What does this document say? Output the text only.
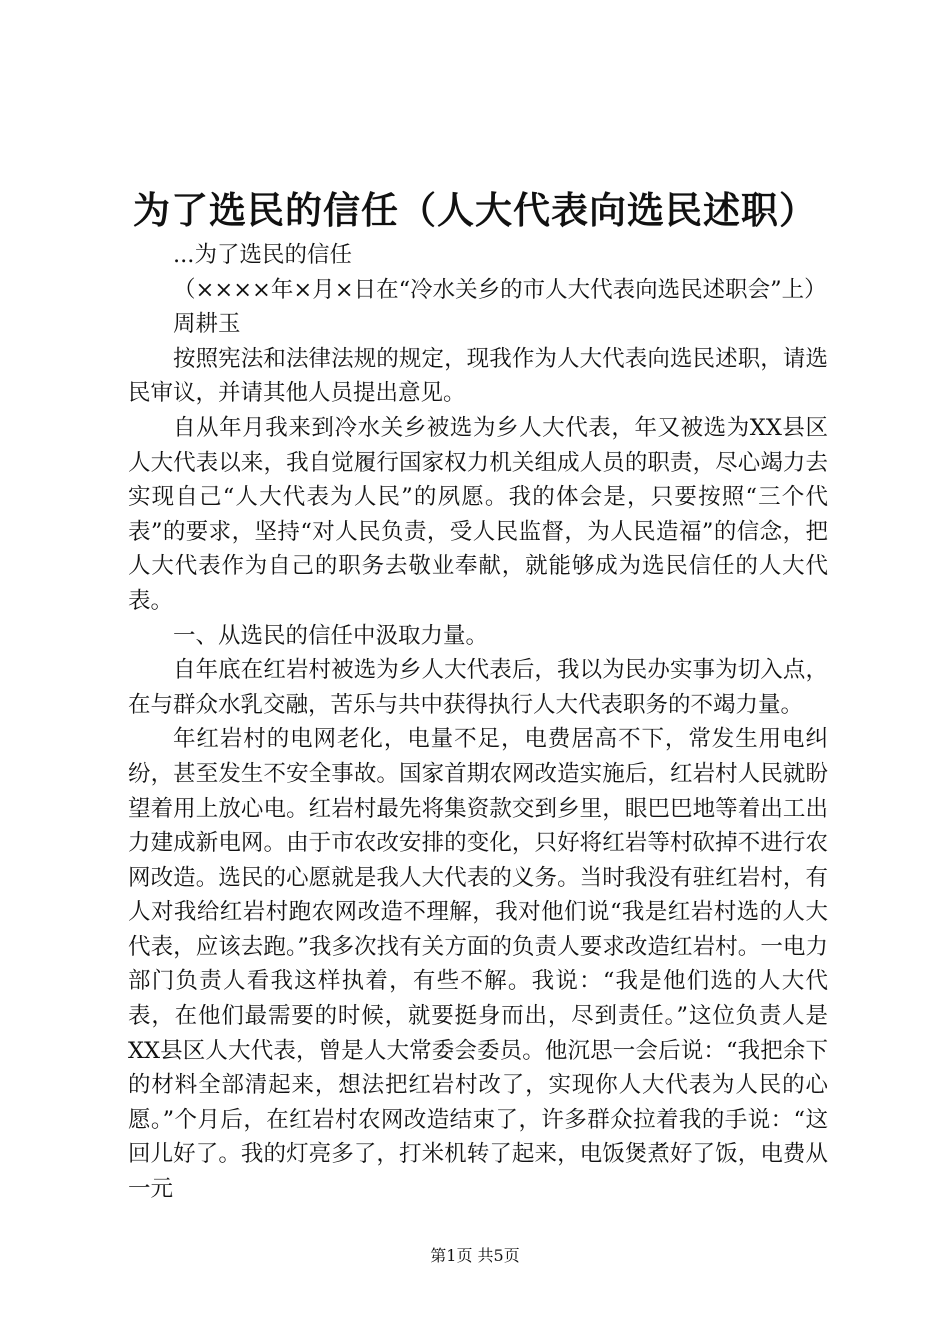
为了选民的信任（人大代表向选民述职）

...为了选民的信任

（××××年×月×日在“冷水关乡的市人大代表向选民述职会”上）

周耕玉

按照宪法和法律法规的规定，现我作为人大代表向选民述职，请选民审议，并请其他人员提出意见。

自从年月我来到冷水关乡被选为乡人大代表，年又被选为XX县区人大代表以来，我自觉履行国家权力机关组成人员的职责，尽心竭力去实现自己“人大代表为人民”的夙愿。我的体会是，只要按照“三个代表”的要求，坚持“对人民负责，受人民监督，为人民造福”的信念，把人大代表作为自己的职务去敬业奉献，就能够成为选民信任的人大代表。

一、从选民的信任中汲取力量。

自年底在红岩村被选为乡人大代表后，我以为民办实事为切入点，在与群众水乳交融，苦乐与共中获得执行人大代表职务的不竭力量。

年红岩村的电网老化，电量不足，电费居高不下，常发生用电纠纷，甚至发生不安全事故。国家首期农网改造实施后，红岩村人民就盼望着用上放心电。红岩村最先将集资款交到乡里，眼巴巴地等着出工出力建成新电网。由于市农改安排的变化，只好将红岩等村砍掉不进行农网改造。选民的心愿就是我人大代表的义务。当时我没有驻红岩村，有人对我给红岩村跑农网改造不理解，我对他们说“我是红岩村选的人大代表，应该去跑。”我多次找有关方面的负责人要求改造红岩村。一电力部门负责人看我这样执着，有些不解。我说：“我是他们选的人大代表，在他们最需要的时候，就要挺身而出，尽到责任。”这位负责人是XX县区人大代表，曾是人大常委会委员。他沉思一会后说：“我把余下的材料全部清起来，想法把红岩村改了，实现你人大代表为人民的心愿。”个月后，在红岩村农网改造结束了，许多群众拉着我的手说：“这回儿好了。我的灯亮多了，打米机转了起来，电饭煲煮好了饭，电费从一元

第1页 共5页
